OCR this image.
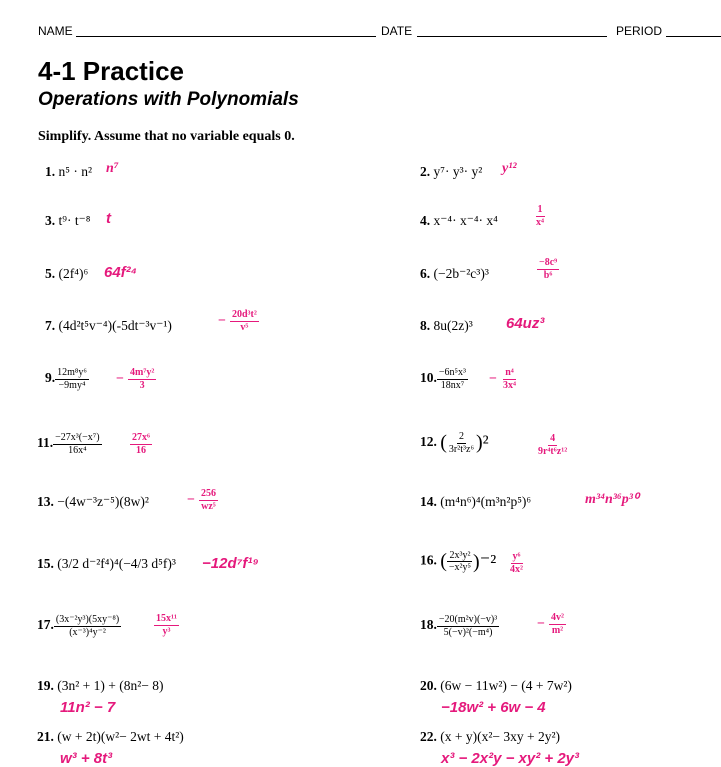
NAME	DATE	PERIOD
4-1 Practice
Operations with Polynomials
Simplify. Assume that no variable equals 0.
1. n⁵ · n² n⁷	2. y⁷· y³· y² y¹²
3. t⁹· t⁻⁸ t	4. x⁻⁴· x⁻⁴· x⁴	$\frac{1}{\text{x⁴}}$
5. (2f⁴)⁶ 64f²⁴	6. (−2b⁻²c³)³	$\frac{\text{−8c⁹}}{\text{b⁶}}$
7. (4d²t⁵v⁻⁴)(-5dt⁻³v⁻¹)	− $\frac{\text{20d³t²}}{\text{v⁵}}$	8. 8u(2z)³ 64uz³
9. $\frac{\text{12m⁸y⁶}}{\text{−9my⁴}} - \frac{\text{4m⁷y²}}{3}$	10. $\frac{\text{−6n⁵x³}}{\text{18nx⁷}} - \frac{\text{n⁴}}{\text{3x⁴}}$
11. $\frac{\text{−27x³(−x⁷)}}{\text{16x⁴}}$	$\frac{\text{27x⁶}}{16}$	12. ( $\frac{2}{\text{3r²t³z⁶}} )^2$	$\frac{4}{\text{9r⁴t⁶z¹²}}$
13. −(4w⁻³z⁻⁵)(8w)²	− $\frac{256}{\text{wz⁵}}$	14. (m⁴n⁶)⁴(m³n²p⁵)⁶	m³⁴n³⁶p³⁰
15. (3/2 d⁻²f⁴)⁴(−4/3 d⁵f)³ −12d⁷f¹⁹	16. ( $\frac{\text{2x³y²}}{\text{−x²y⁵}} )^{-2} \frac{\text{y⁶}}{\text{4x²}}$
17. $\frac{\text{(3x⁻²y³)(5xy⁻⁸)}}{\text{(x⁻³)⁴y⁻²}}$	$\frac{\text{15x¹¹}}{\text{y³}}$	18. $\frac{\text{−20(m²v)(−v)³}}{\text{5(−v)²(−m⁴)}}$	− $\frac{\text{4v²}}{\text{m²}}$
19. (3n² + 1) + (8n²− 8)
11n² − 7
20. (6w − 11w²) − (4 + 7w²)
−18w² + 6w − 4
21. (w + 2t)(w²− 2wt + 4t²)
w³ + 8t³
22. (x + y)(x²− 3xy + 2y²)
x³ − 2x²y − xy² + 2y³
